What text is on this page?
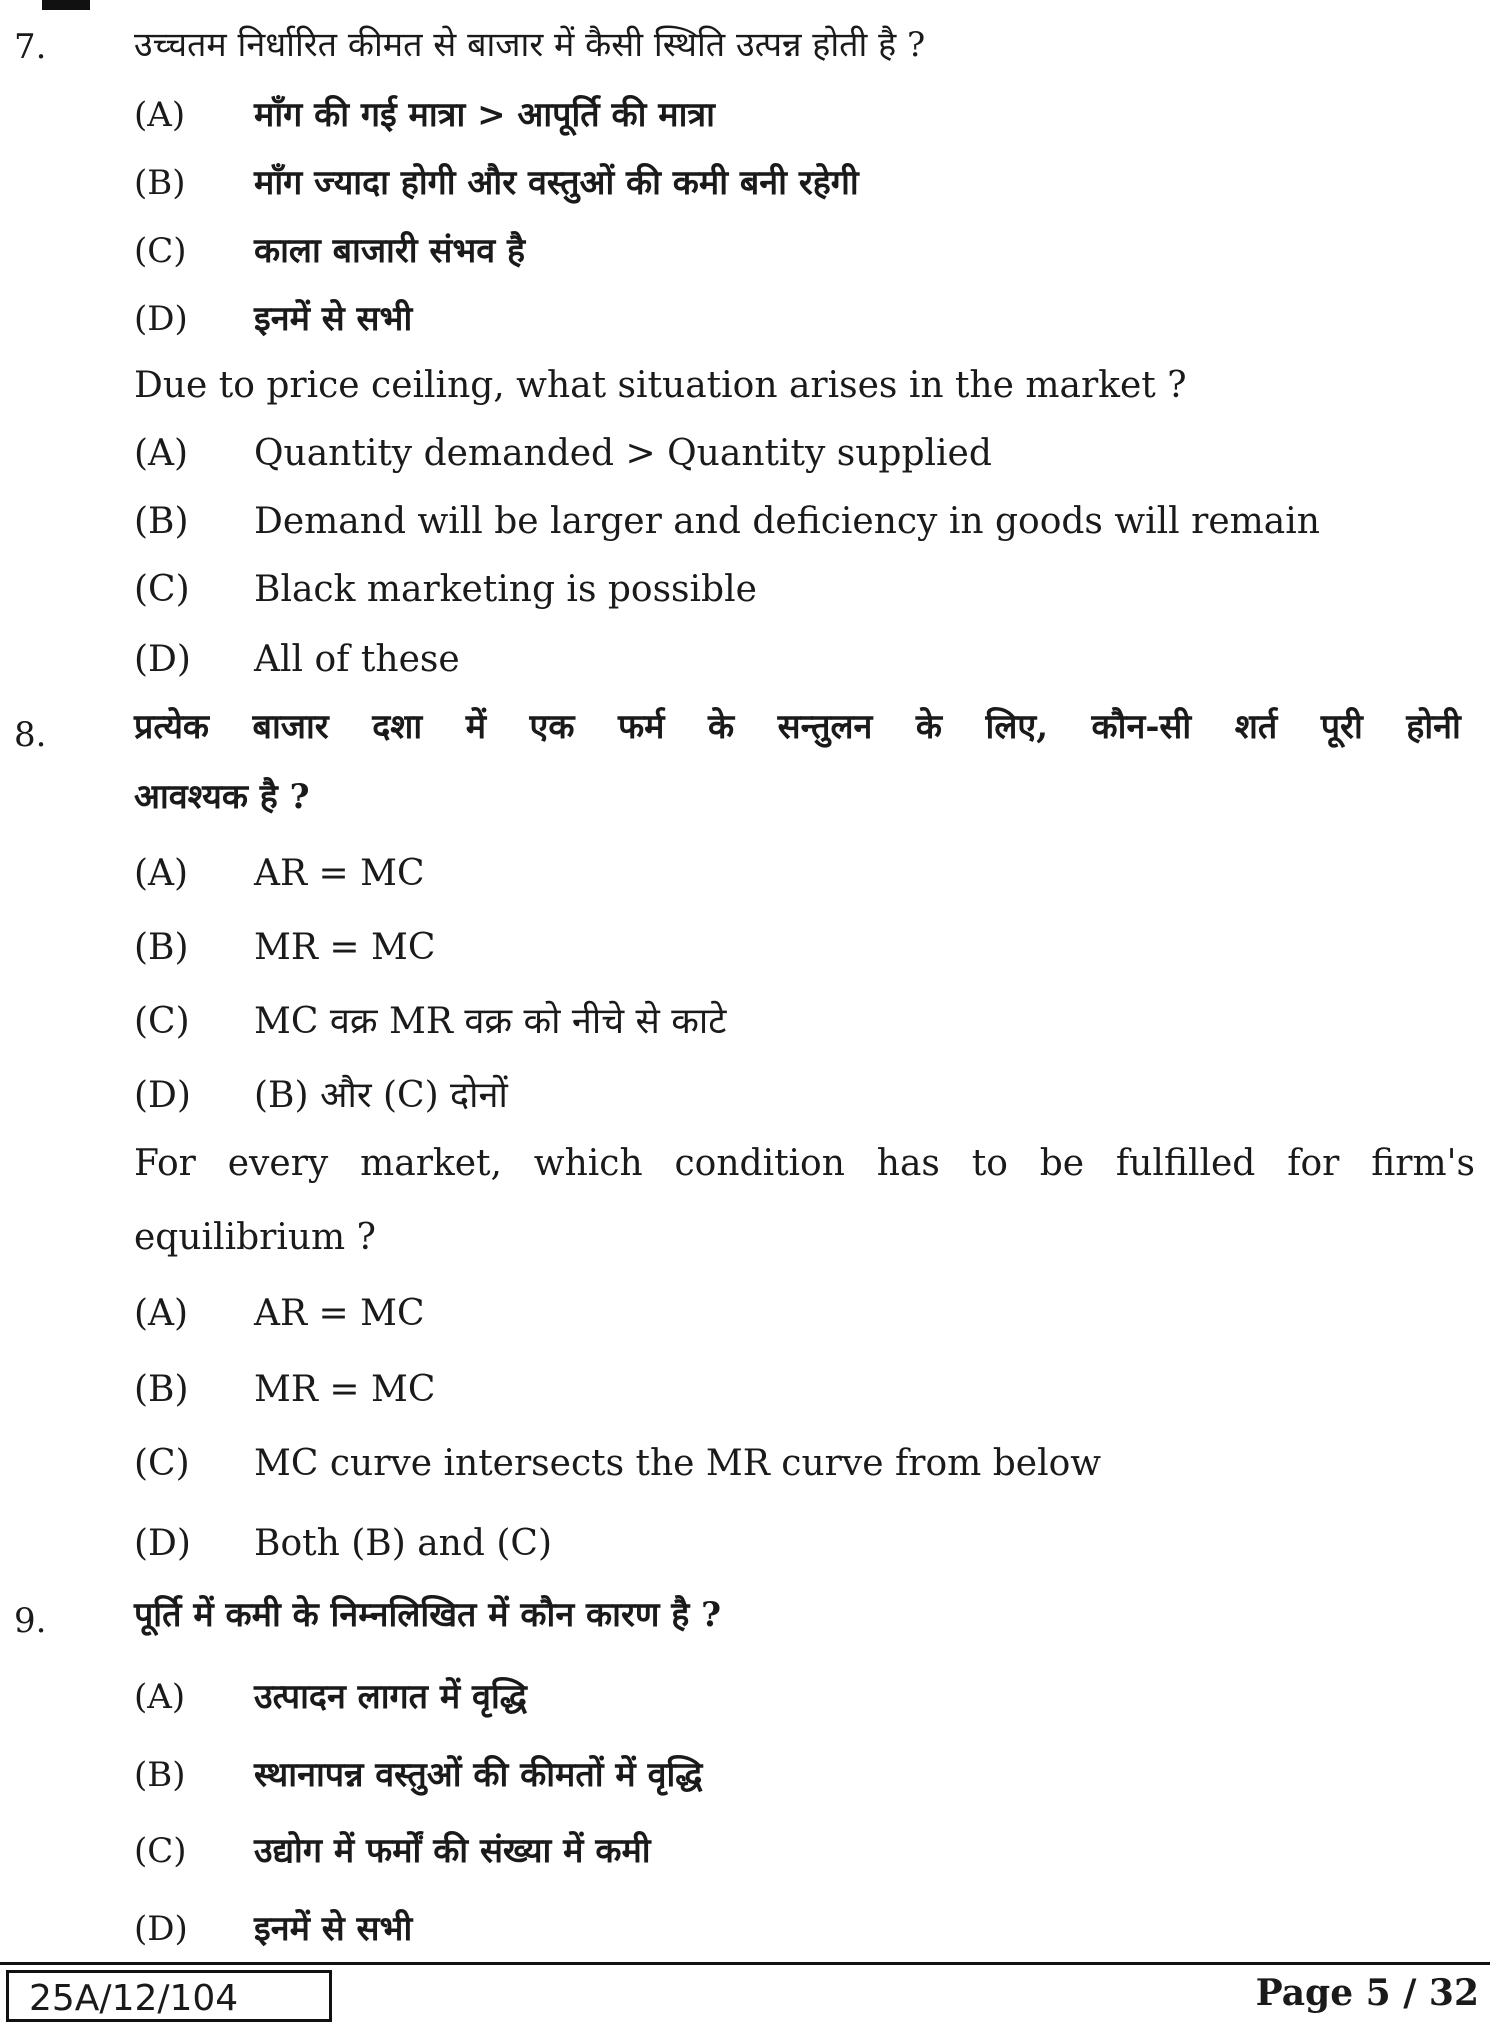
7.	उच्चतम निर्धारित कीमत से बाजार में कैसी स्थिति उत्पन्न होती है ?
(A)	माँग की गई मात्रा > आपूर्ति की मात्रा
(B)	माँग ज्यादा होगी और वस्तुओं की कमी बनी रहेगी
(C)	काला बाजारी संभव है
(D)	इनमें से सभी
Due to price ceiling, what situation arises in the market ?
(A)	Quantity demanded > Quantity supplied
(B)	Demand will be larger and deficiency in goods will remain
(C)	Black marketing is possible
(D)	All of these
8.	प्रत्येक बाजार दशा में एक फर्म के सन्तुलन के लिए, कौन-सी शर्त पूरी होनी
आवश्यक है ?
(A)	AR = MC
(B)	MR = MC
(C)	MC वक्र MR वक्र को नीचे से काटे
(D)	(B) और (C) दोनों
For every market, which condition has to be fulfilled for firm's
equilibrium ?
(A)	AR = MC
(B)	MR = MC
(C)	MC curve intersects the MR curve from below
(D)	Both (B) and (C)
9.	पूर्ति में कमी के निम्नलिखित में कौन कारण है ?
(A)	उत्पादन लागत में वृद्धि
(B)	स्थानापन्न वस्तुओं की कीमतों में वृद्धि
(C)	उद्योग में फर्मों की संख्या में कमी
(D)	इनमें से सभी
25A/12/104	Page 5 / 32
